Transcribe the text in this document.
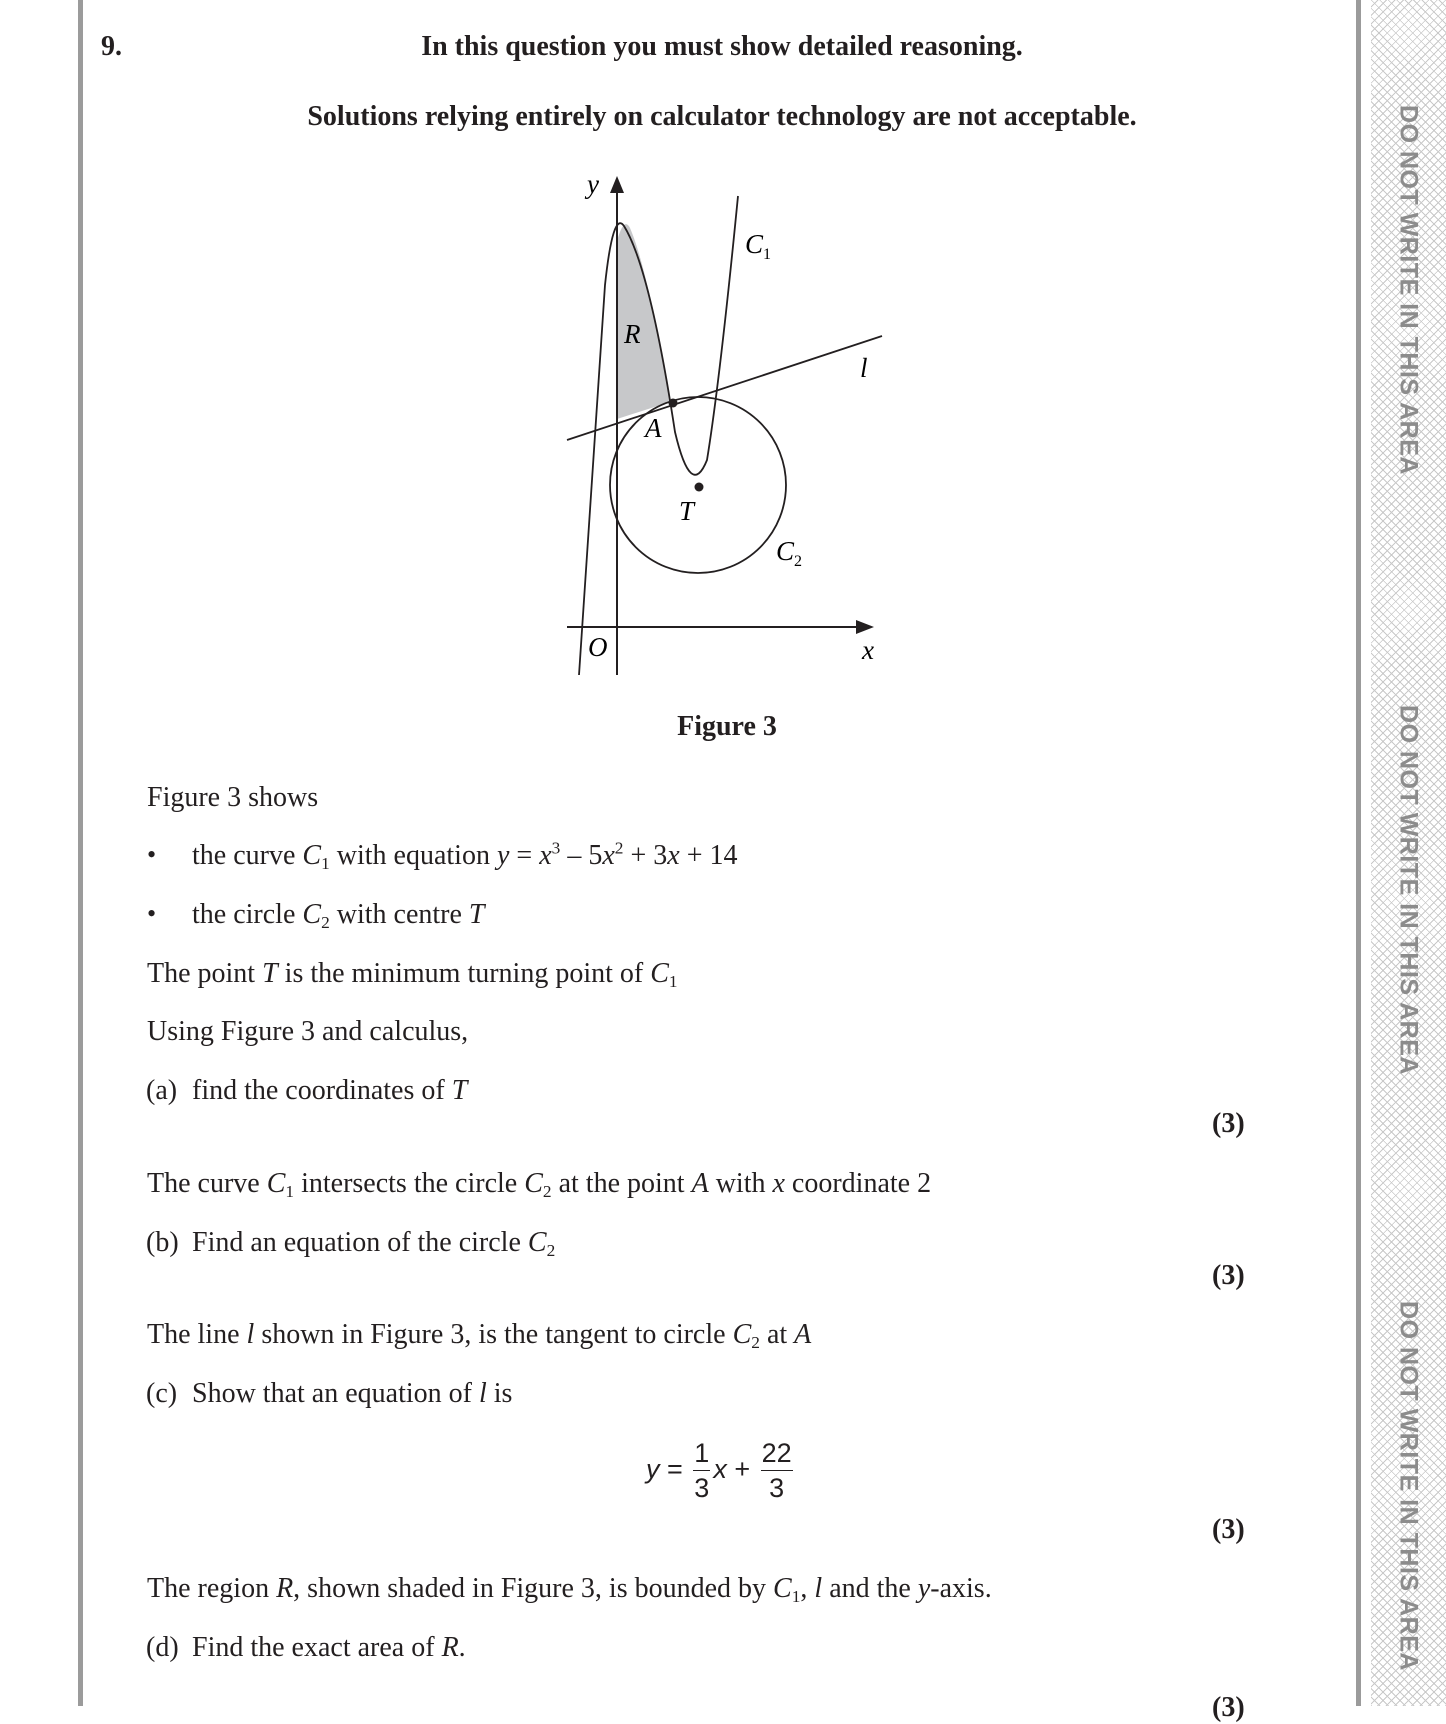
DO NOT WRITE IN THIS AREA
DO NOT WRITE IN THIS AREA
DO NOT WRITE IN THIS AREA
9.	In this question you must show detailed reasoning.
Solutions relying entirely on calculator technology are not acceptable.
y
R
$C_1$
l
A
T
$C_2$
O	x
Figure 3
Figure 3 shows
• the curve $C_1$ with equation $y = x^3 - 5x^2 + 3x + 14$
• the circle $C_2$ with centre T
The point T is the minimum turning point of $C_1$
Using Figure 3 and calculus,
(a) find the coordinates of T
(3)
The curve $C_1$ intersects the circle $C_2$ at the point A with x coordinate 2
(b) Find an equation of the circle $C_2$
(3)
The line l shown in Figure 3, is the tangent to circle $C_2$ at A
(c) Show that an equation of l is
$y = \frac{1}{3}$ $x + \frac{22}{3}$
(3)
The region R, shown shaded in Figure 3, is bounded by $C_1$, l and the y-axis.
(d) Find the exact area of R.
(3)
